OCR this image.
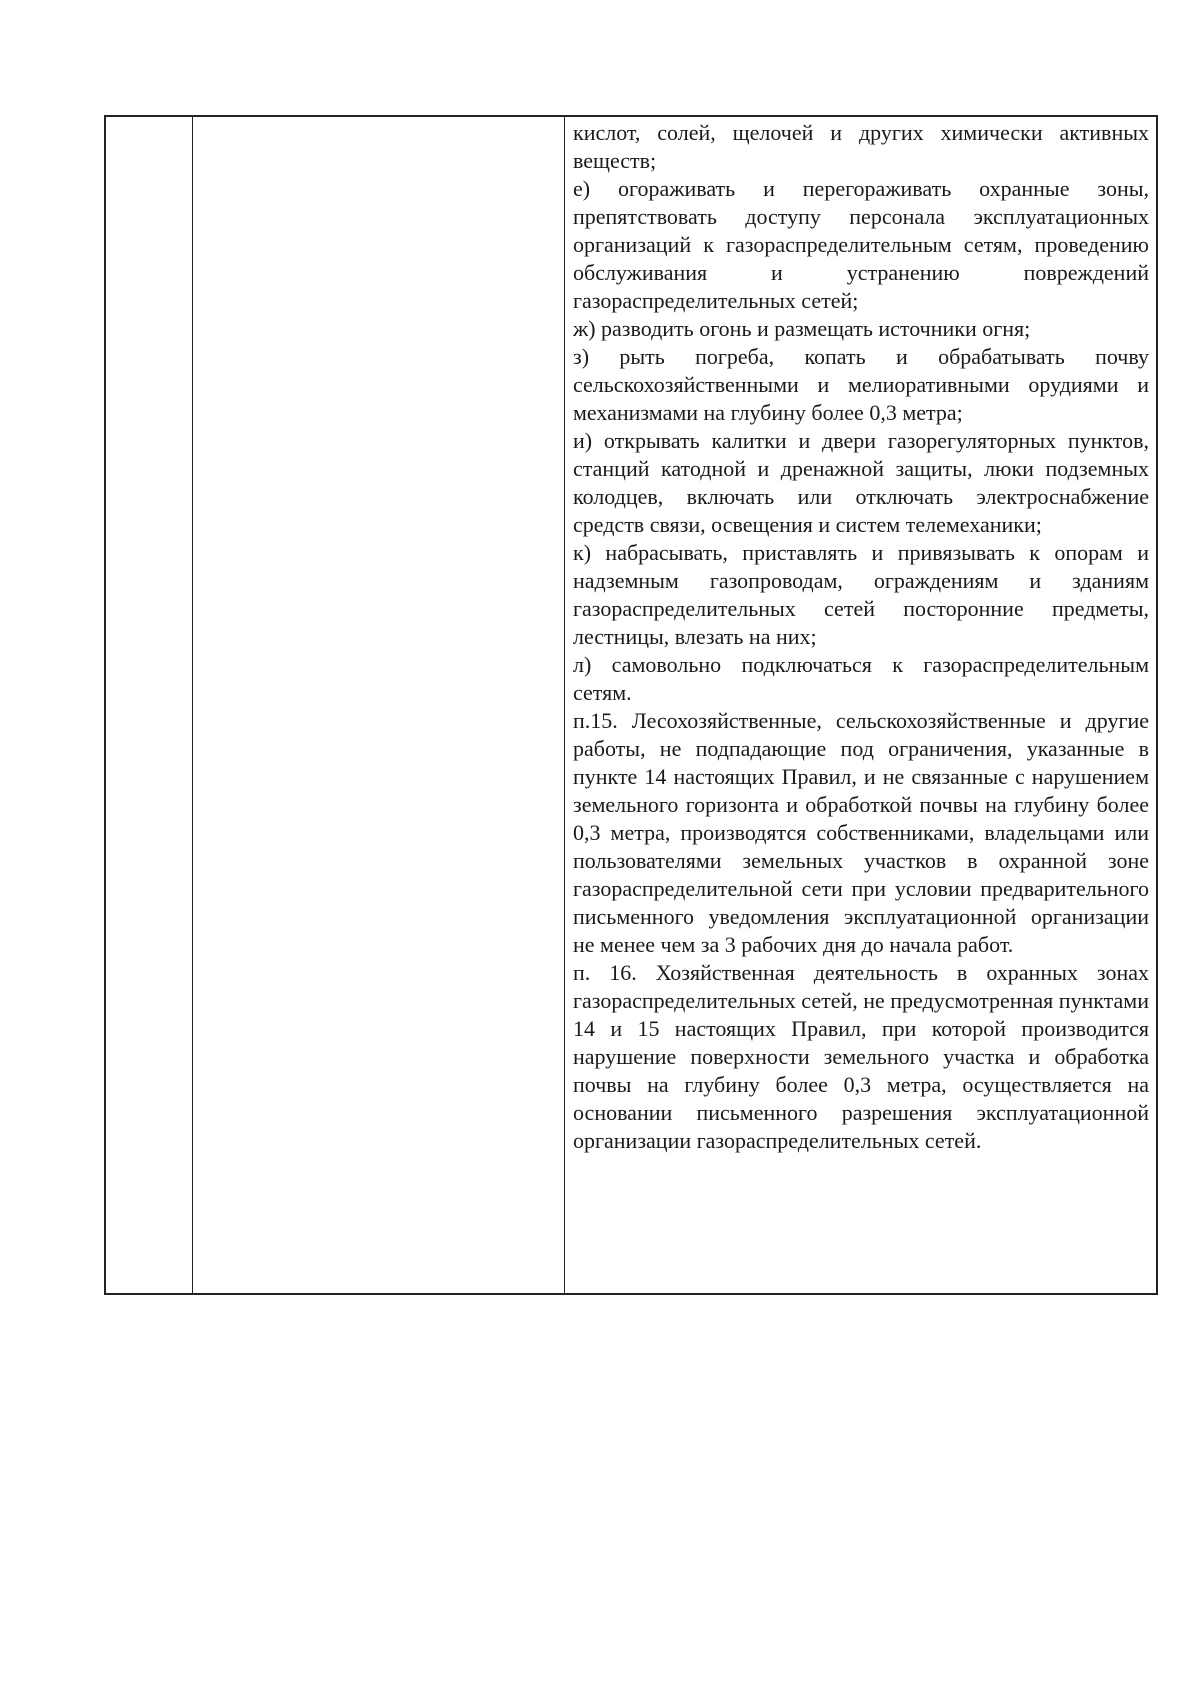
кислот, солей, щелочей и других химически активных веществ;

е) огораживать и перегораживать охранные зоны, препятствовать доступу персонала эксплуатационных организаций к газораспределительным сетям, проведению обслуживания и устранению повреждений газораспределительных сетей;

ж) разводить огонь и размещать источники огня;

з) рыть погреба, копать и обрабатывать почву сельскохозяйственными и мелиоративными орудиями и механизмами на глубину более 0,3 метра;

и) открывать калитки и двери газорегуляторных пунктов, станций катодной и дренажной защиты, люки подземных колодцев, включать или отключать электроснабжение средств связи, освещения и систем телемеханики;

к) набрасывать, приставлять и привязывать к опорам и надземным газопроводам, ограждениям и зданиям газораспределительных сетей посторонние предметы, лестницы, влезать на них;

л) самовольно подключаться к газораспределительным сетям.

п.15. Лесохозяйственные, сельскохозяйственные и другие работы, не подпадающие под ограничения, указанные в пункте 14 настоящих Правил, и не связанные с нарушением земельного горизонта и обработкой почвы на глубину более 0,3 метра, производятся собственниками, владельцами или пользователями земельных участков в охранной зоне газораспределительной сети при условии предварительного письменного уведомления эксплуатационной организации не менее чем за 3 рабочих дня до начала работ.

п. 16. Хозяйственная деятельность в охранных зонах газораспределительных сетей, не предусмотренная пунктами 14 и 15 настоящих Правил, при которой производится нарушение поверхности земельного участка и обработка почвы на глубину более 0,3 метра, осуществляется на основании письменного разрешения эксплуатационной организации газораспределительных сетей.
